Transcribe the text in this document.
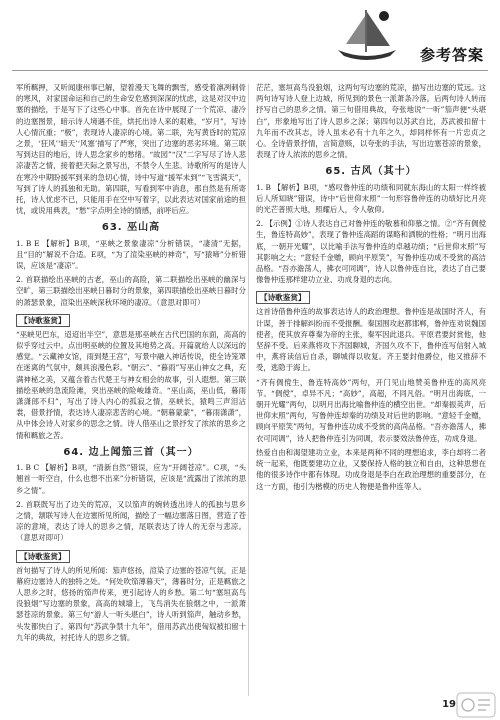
参考答案

军所羁押，又听闻康州事已解，望着漫天飞舞的飘雪，感受着凛冽刺骨的寒风，对家国命运和自己的生命安危感到深深的忧虑，这是对汉中边塞的描绘，于是写下了这些心中事。首先在诗中展现了一个荒凉、凄冷的边塞图景，暗示诗人境遇不佳，烘托出诗人来的艰难，“岁月”，写诗人心情沉重；“极”，表现诗人凄凉的心境。第二联，先写黄昏时的荒凉之景，‘狂风’‘暗天’‘风塞’描写了严寒，突出了边塞的恶劣环境。第三联写到达目的地后，诗人思念家乡的愁绪。“故园”“汉”二字写尽了诗人悲凉凄苦之情，接着把天际之景写出，不禁令人生悲。诗歌所写的是诗人在寒冷中期盼援军到来的急切心情，诗中写道“援军未到”“飞雪满天”，写到了诗人的孤独和无助。第四联，写看到军中消息，那自然是有所寄托，诗人忧虑不已，只能用手在空中写着字，以此表达对国家前途的担忧，或说用典表，“愁”字点明全诗的情感，前呼后应。

63. 巫山高

1. B E 【解析】B项，“巫峡之景象凄凉”分析错误，“凄清”无据，且“目的”解说不合适。E项，“为了渲染巫峡的神奇”，写“猿啼”分析错误，应该是“凄凉”。

2. 首联描绘出巫峡的古老，巫山的高险，第二联描绘出巫峡的幽深与空旷，第三联描绘出巫峡日暮时分的景象，第四联描绘出巫峡日暮时分的萧瑟景象，渲染出巫峡深秋环境的凄凉。（意思对即可）

【诗歌鉴赏】

“巫峡见巴东，迢迢出半空”，意思是那巫峡在古代巴国的东面，高高的似乎穿过云中。点出明巫峡的位置及其地势之高。开篇就给人以深远的感觉。“云藏神女馆，雨到楚王宫”，写景中融入神话传说，使全诗笼罩在迷离的气氛中，颇具浪漫色彩。“朝云”、“暮雨”写巫山神女之典，充满神秘之美，又蕴含着古代楚王与神女相会的故事，引人遐想。第三联描绘巫峡的急流险滩，突出巫峡的险峻雄奇。“巫山高，巫山低，暮雨潇潇郎不归”，写出了诗人内心的孤寂之情，巫峡长，猿鸣三声泪沾裳，借景抒情，表达诗人凄凉悲苦的心境。“朝暮蒙蒙”，“暮雨潇潇”，从中体会诗人对家乡的思念之情。诗人借巫山之景抒发了浓浓的思乡之情和羁旅之苦。

64. 边上闻笳三首（其一）

1. B C 【解析】B项，“清新自然”错误，应为“开阔苍凉”。C项，“头翘首一听空自，什么也想不出来”分析错误，应该是“流露出了浓浓的思乡之情”。

2. 首联既写出了边关的荒凉，又以笳声的婉转透出诗人的孤独与思乡之情，颔联写诗人在边塞所见所闻，描绘了一幅边塞落日图，营造了苍凉的意境，表达了诗人的思乡之情，尾联表达了诗人的无奈与悲凉。（意思对即可）

【诗歌鉴赏】

首句描写了诗人的所见所闻：笳声悠扬，渲染了边塞的苍凉气氛，正是幕府边塞诗人的独特之处。“何处吹笳薄暮天”，薄暮时分，正是羁旅之人思乡之时，悠扬的笳声传来，更引起诗人的乡愁。第二句“塞垣高鸟没狼烟”写边塞的景象，高高的城墙上，飞鸟消失在狼烟之中，一派萧瑟苍凉的景象。第三句“游人一听头堪白”，诗人听到笳声，触动乡愁，头发都快白了。第四句“苏武争禁十九年”，借用苏武出使匈奴被扣留十九年的典故，衬托诗人的思乡之情。

茫茫，塞垣高鸟没狼烟，这两句写边塞的荒凉，描写出边塞的荒远。这两句诗写诗人登上边城，所见到的景色一派萧条冷落。后两句诗人转而抒写自己的思乡之情。第三句借用典故，夸张地说“一听”笳声便“头堪白”，形象地写出了诗人思乡之深；第四句以苏武自比，苏武被扣留十九年而不改其志，诗人虽未必有十九年之久，却同样怀有一片忠贞之心。全诗借景抒情，言简意赅，以夸张的手法，写出边塞苍凉的景象，表现了诗人浓浓的思乡之情。

65. 古风（其十）

1. B 【解析】B项，“感叹鲁仲连的功绩和同就东海山的太阳一样终被后人所知晓”错误，诗中“后世仰末照”一句形容鲁仲连的功绩好比月亮的光芒普照大地，照耀后人，令人敬仰。

2. 【示例】①诗人表达自己对鲁仲连的敬慕和仰慕之情。②“齐有倜傥生，鲁连特高妙”，表现了鲁仲连高蹈的谋略和洒脱的性格；“明月出海底，一朝开光耀”，以比喻手法写鲁仲连的卓越功绩；“后世仰末照”写其影响之大；“意轻千金赠，顾向平原笑”，写鲁仲连功成不受赏的高洁品格。“吾亦澹荡人，拂衣可同调”，诗人以鲁仲连自比，表达了自己要像鲁仲连那样建功立业、功成身退的志向。

【诗歌鉴赏】

这首诗借鲁仲连的故事表达诗人的政治理想。鲁仲连是战国时齐人，有计谋，善于排解纠纷而不受报酬。秦国围攻赵都邯郸，鲁仲连劝说魏国使者，使其放弃尊秦为帝的主张，秦军因此退兵。平原君要封赏他，他坚辞不受。后来燕将攻下齐国聊城，齐国久攻不下，鲁仲连写信射入城中，燕将读信后自杀，聊城得以收复。齐王要封他爵位，他又推辞不受，逃隐于海上。

“齐有倜傥生，鲁连特高妙”两句，开门见山地赞美鲁仲连的高风亮节。“倜傥”，卓异不凡；“高妙”，高超，不同凡俗。“明月出海底，一朝开光耀”两句，以明月出海比喻鲁仲连的横空出世。“却秦振英声，后世仰末照”两句，写鲁仲连却秦的功绩及对后世的影响。“意轻千金赠，顾向平原笑”两句，写鲁仲连功成不受赏的高尚品格。“吾亦澹荡人，拂衣可同调”，诗人把鲁仲连引为同调，表示要效法鲁仲连，功成身退。

热爱自由和渴望建功立业，本来是两种不同的理想追求，李白却将二者统一起来，他既要建功立业，又要保持人格的独立和自由，这种思想在他的很多诗作中都有体现。功成身退是李白在政治理想的重要部分，在这一方面，他引为楷模的历史人物便是鲁仲连等人。

19
